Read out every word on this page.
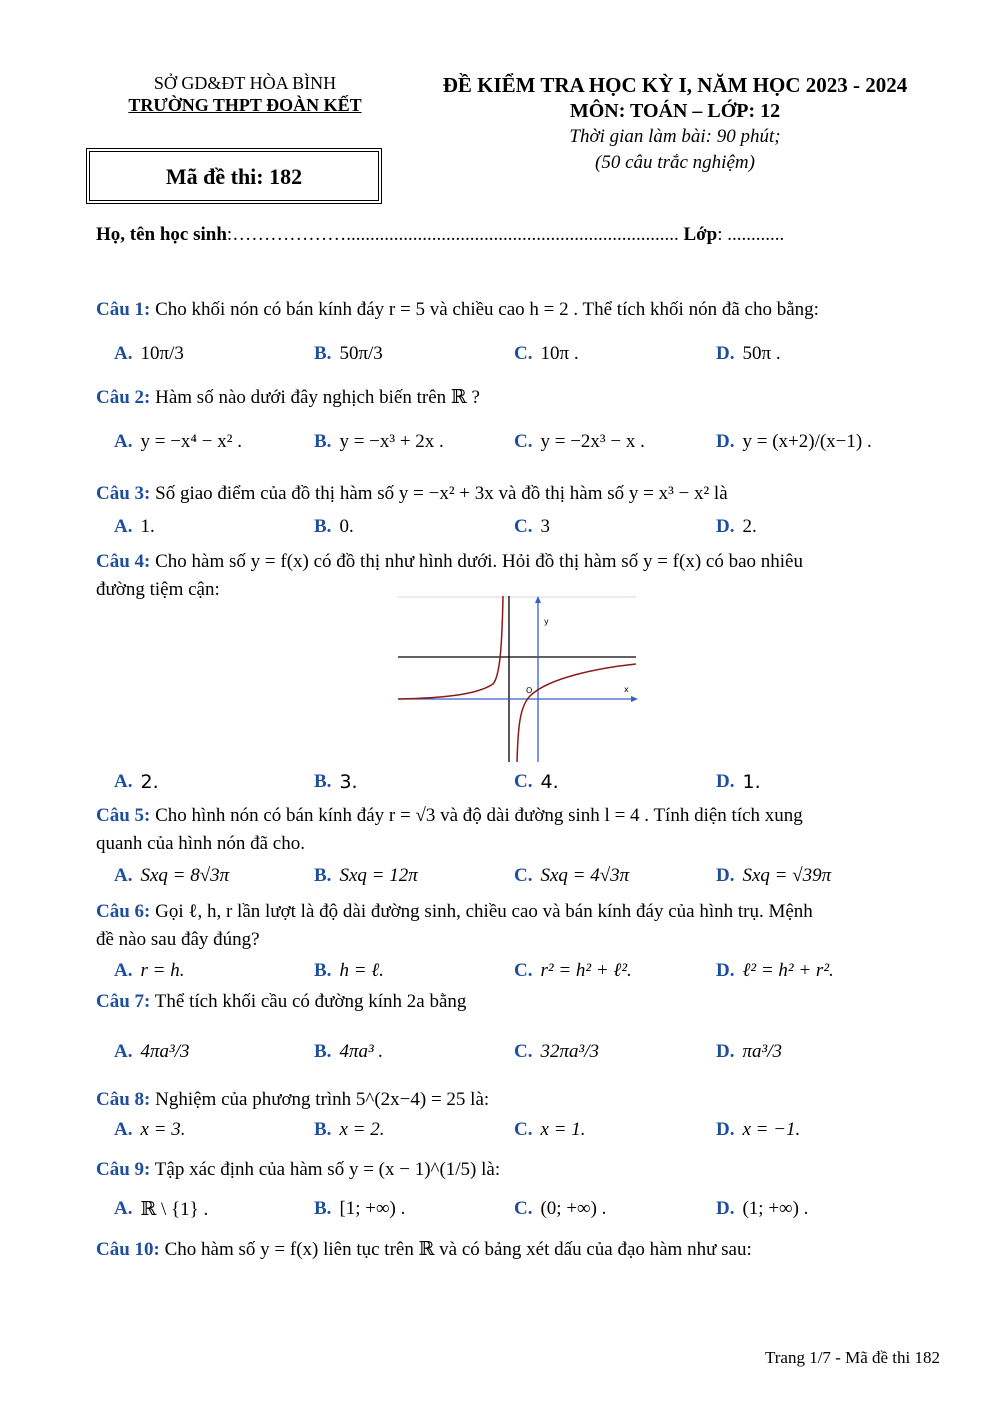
SỞ GD&ĐT HÒA BÌNH
TRƯỜNG THPT ĐOÀN KẾT
Mã đề thi: 182
ĐỀ KIỂM TRA HỌC KỲ I, NĂM HỌC 2023 - 2024
MÔN: TOÁN – LỚP: 12
Thời gian làm bài: 90 phút;
(50 câu trắc nghiệm)
Họ, tên học sinh:………………...................................................................... Lớp: ............
Câu 1: Cho khối nón có bán kính đáy r = 5 và chiều cao h = 2 . Thể tích khối nón đã cho bằng:
A. 10π/3	B. 50π/3	C. 10π .	D. 50π .
Câu 2: Hàm số nào dưới đây nghịch biến trên ℝ ?
A. y = −x⁴ − x² .	B. y = −x³ + 2x .	C. y = −2x³ − x .	D. y = (x+2)/(x−1) .
Câu 3: Số giao điểm của đồ thị hàm số y = −x² + 3x và đồ thị hàm số y = x³ − x² là
A. 1.	B. 0.	C. 3	D. 2.
Câu 4: Cho hàm số y = f(x) có đồ thị như hình dưới. Hỏi đồ thị hàm số y = f(x) có bao nhiêu
đường tiệm cận:
y
x
O
A. 2.	B. 3.	C. 4.	D. 1.
Câu 5: Cho hình nón có bán kính đáy r = √3 và độ dài đường sinh l = 4 . Tính diện tích xung
quanh của hình nón đã cho.
A. Sxq = 8√3π	B. Sxq = 12π	C. Sxq = 4√3π	D. Sxq = √39π
Câu 6: Gọi ℓ, h, r lần lượt là độ dài đường sinh, chiều cao và bán kính đáy của hình trụ. Mệnh
đề nào sau đây đúng?
A. r = h.	B. h = ℓ.	C. r² = h² + ℓ².	D. ℓ² = h² + r².
Câu 7: Thể tích khối cầu có đường kính 2a bằng
A. 4πa³/3	B. 4πa³ .	C. 32πa³/3	D. πa³/3
Câu 8: Nghiệm của phương trình 5^(2x−4) = 25 là:
A. x = 3.	B. x = 2.	C. x = 1.	D. x = −1.
Câu 9: Tập xác định của hàm số y = (x − 1)^(1/5) là:
A. ℝ \ {1} .	B. [1; +∞) .	C. (0; +∞) .	D. (1; +∞) .
Câu 10: Cho hàm số y = f(x) liên tục trên ℝ và có bảng xét dấu của đạo hàm như sau:
Trang 1/7 - Mã đề thi 182
